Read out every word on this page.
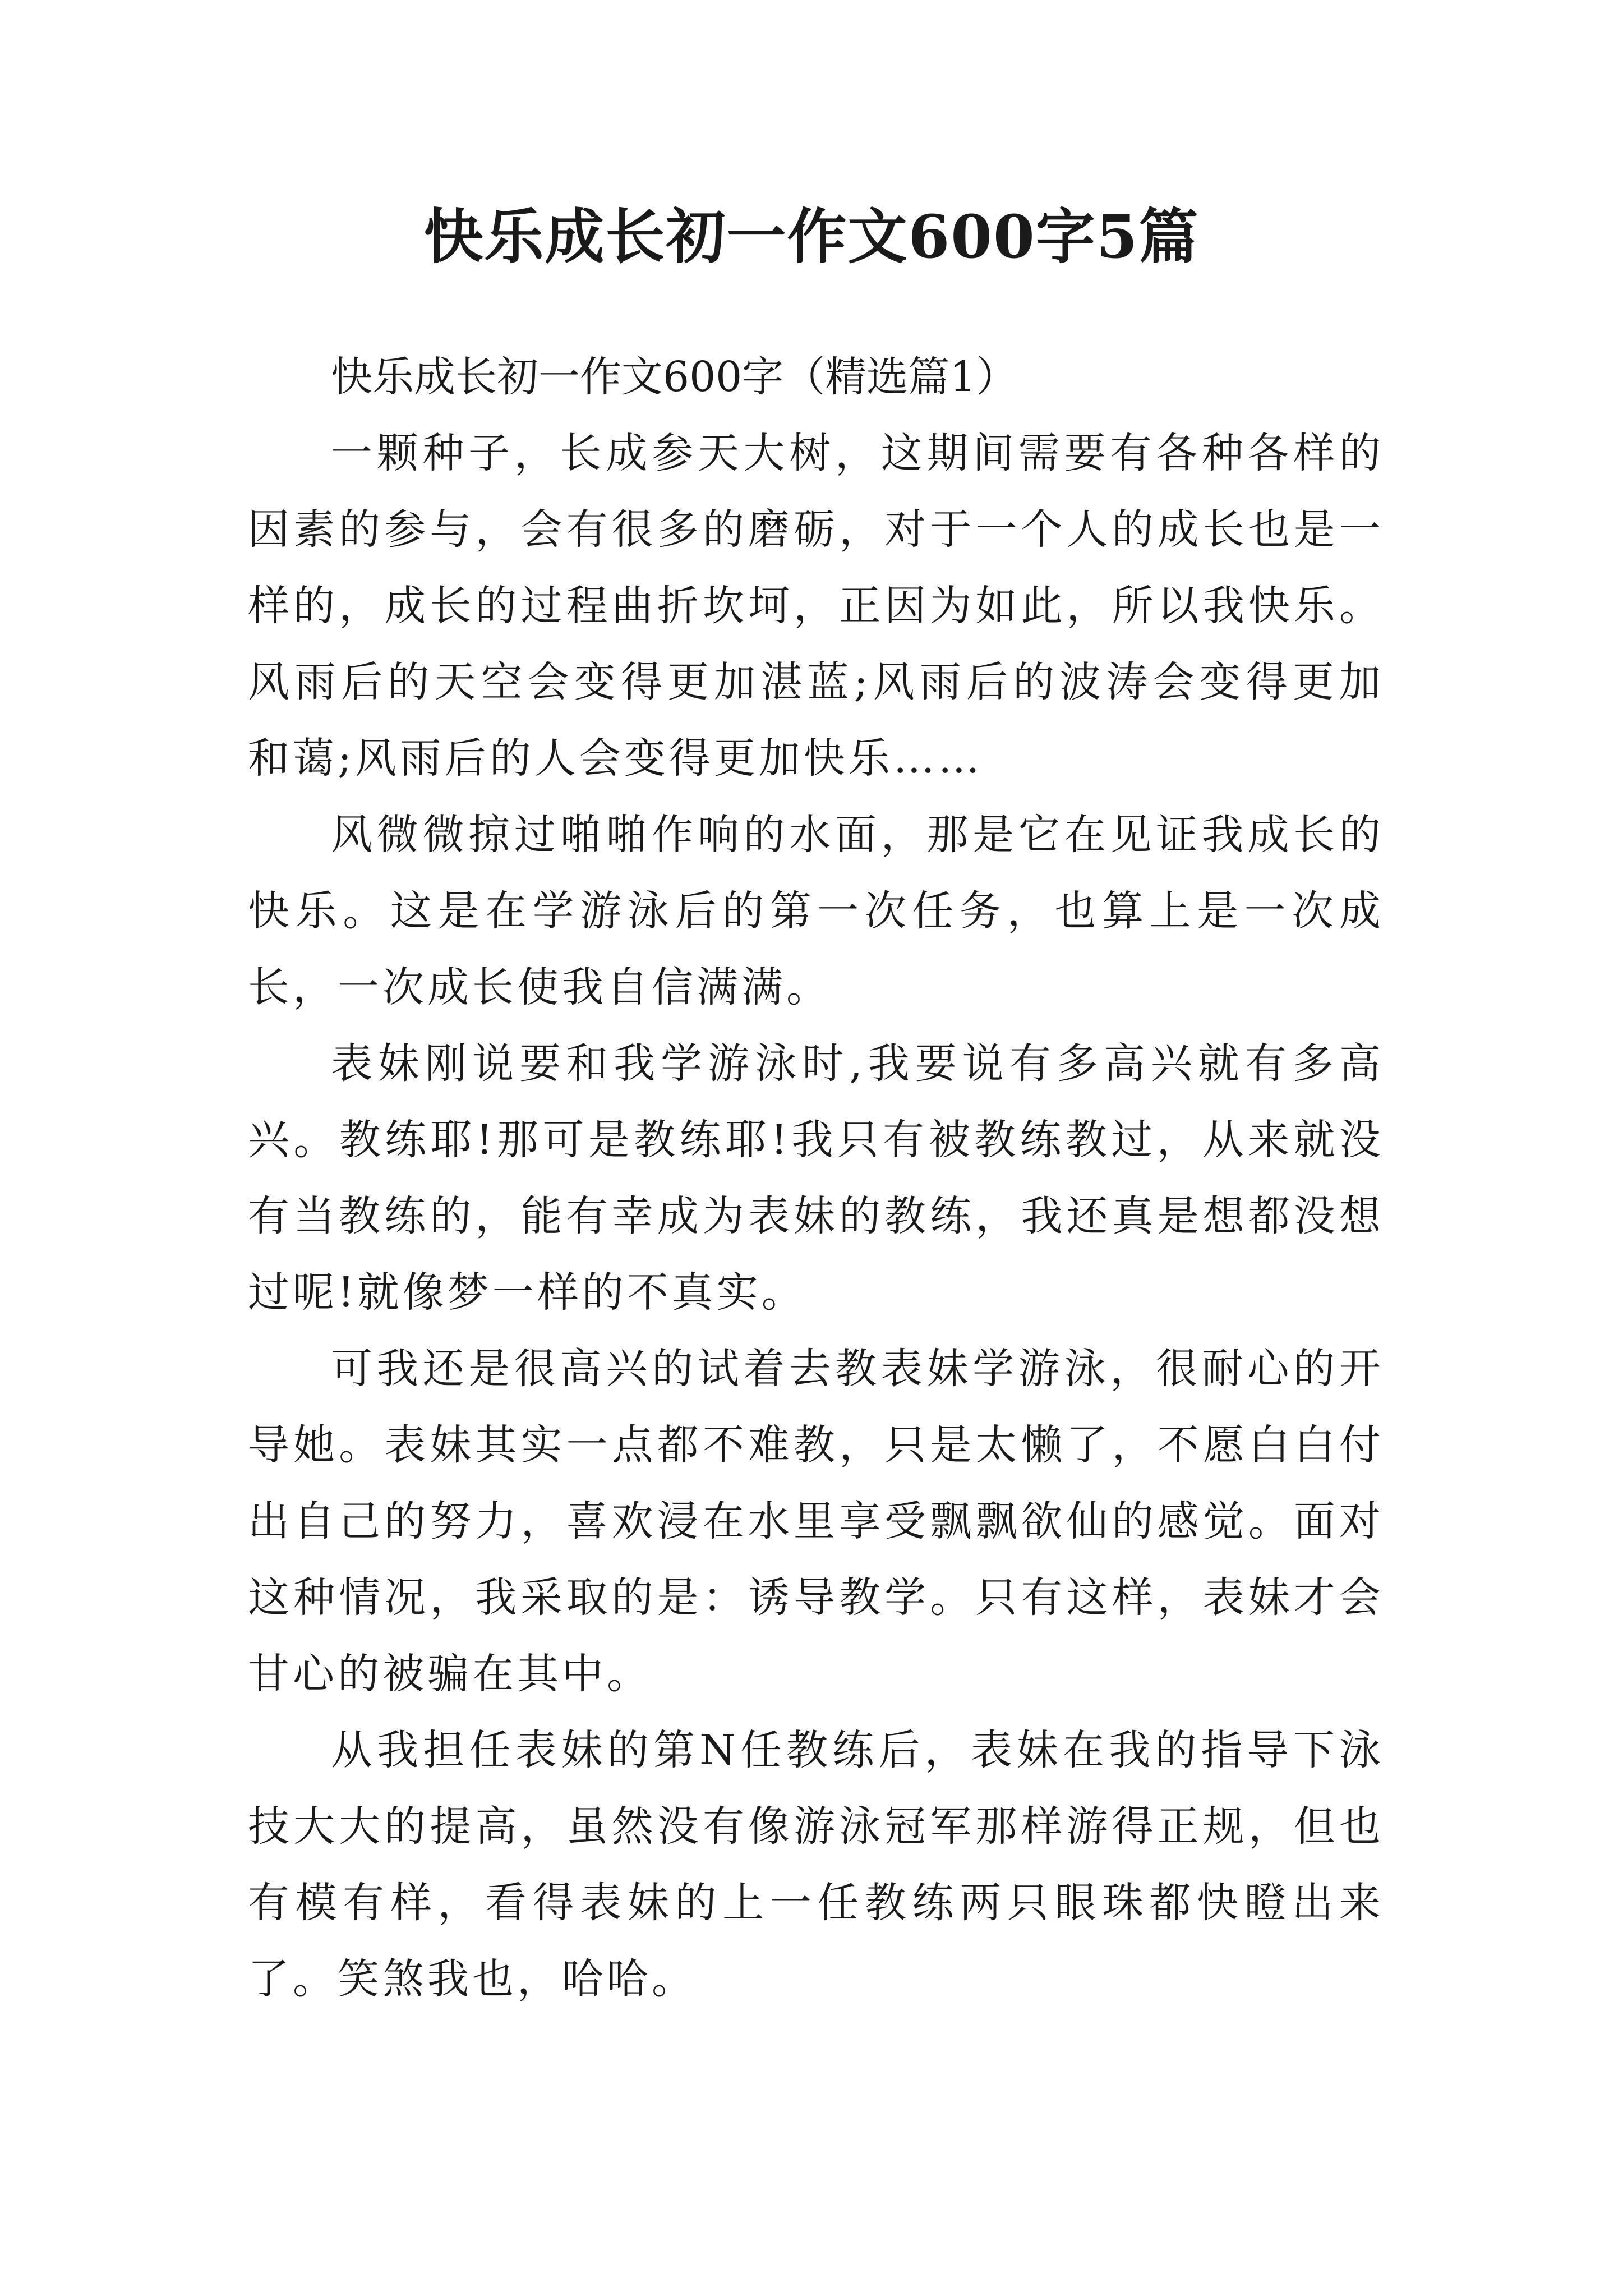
快乐成长初一作文600字5篇

快乐成长初一作文600字（精选篇1）

一颗种子，长成参天大树，这期间需要有各种各样的因素的参与，会有很多的磨砺，对于一个人的成长也是一样的，成长的过程曲折坎坷，正因为如此，所以我快乐。风雨后的天空会变得更加湛蓝;风雨后的波涛会变得更加和蔼;风雨后的人会变得更加快乐……

风微微掠过啪啪作响的水面，那是它在见证我成长的快乐。这是在学游泳后的第一次任务，也算上是一次成长，一次成长使我自信满满。

表妹刚说要和我学游泳时,我要说有多高兴就有多高兴。教练耶!那可是教练耶!我只有被教练教过，从来就没有当教练的，能有幸成为表妹的教练，我还真是想都没想过呢!就像梦一样的不真实。

可我还是很高兴的试着去教表妹学游泳，很耐心的开导她。表妹其实一点都不难教，只是太懒了，不愿白白付出自己的努力，喜欢浸在水里享受飘飘欲仙的感觉。面对这种情况，我采取的是：诱导教学。只有这样，表妹才会甘心的被骗在其中。

从我担任表妹的第N任教练后，表妹在我的指导下泳技大大的提高，虽然没有像游泳冠军那样游得正规，但也有模有样，看得表妹的上一任教练两只眼珠都快瞪出来了。笑煞我也，哈哈。
